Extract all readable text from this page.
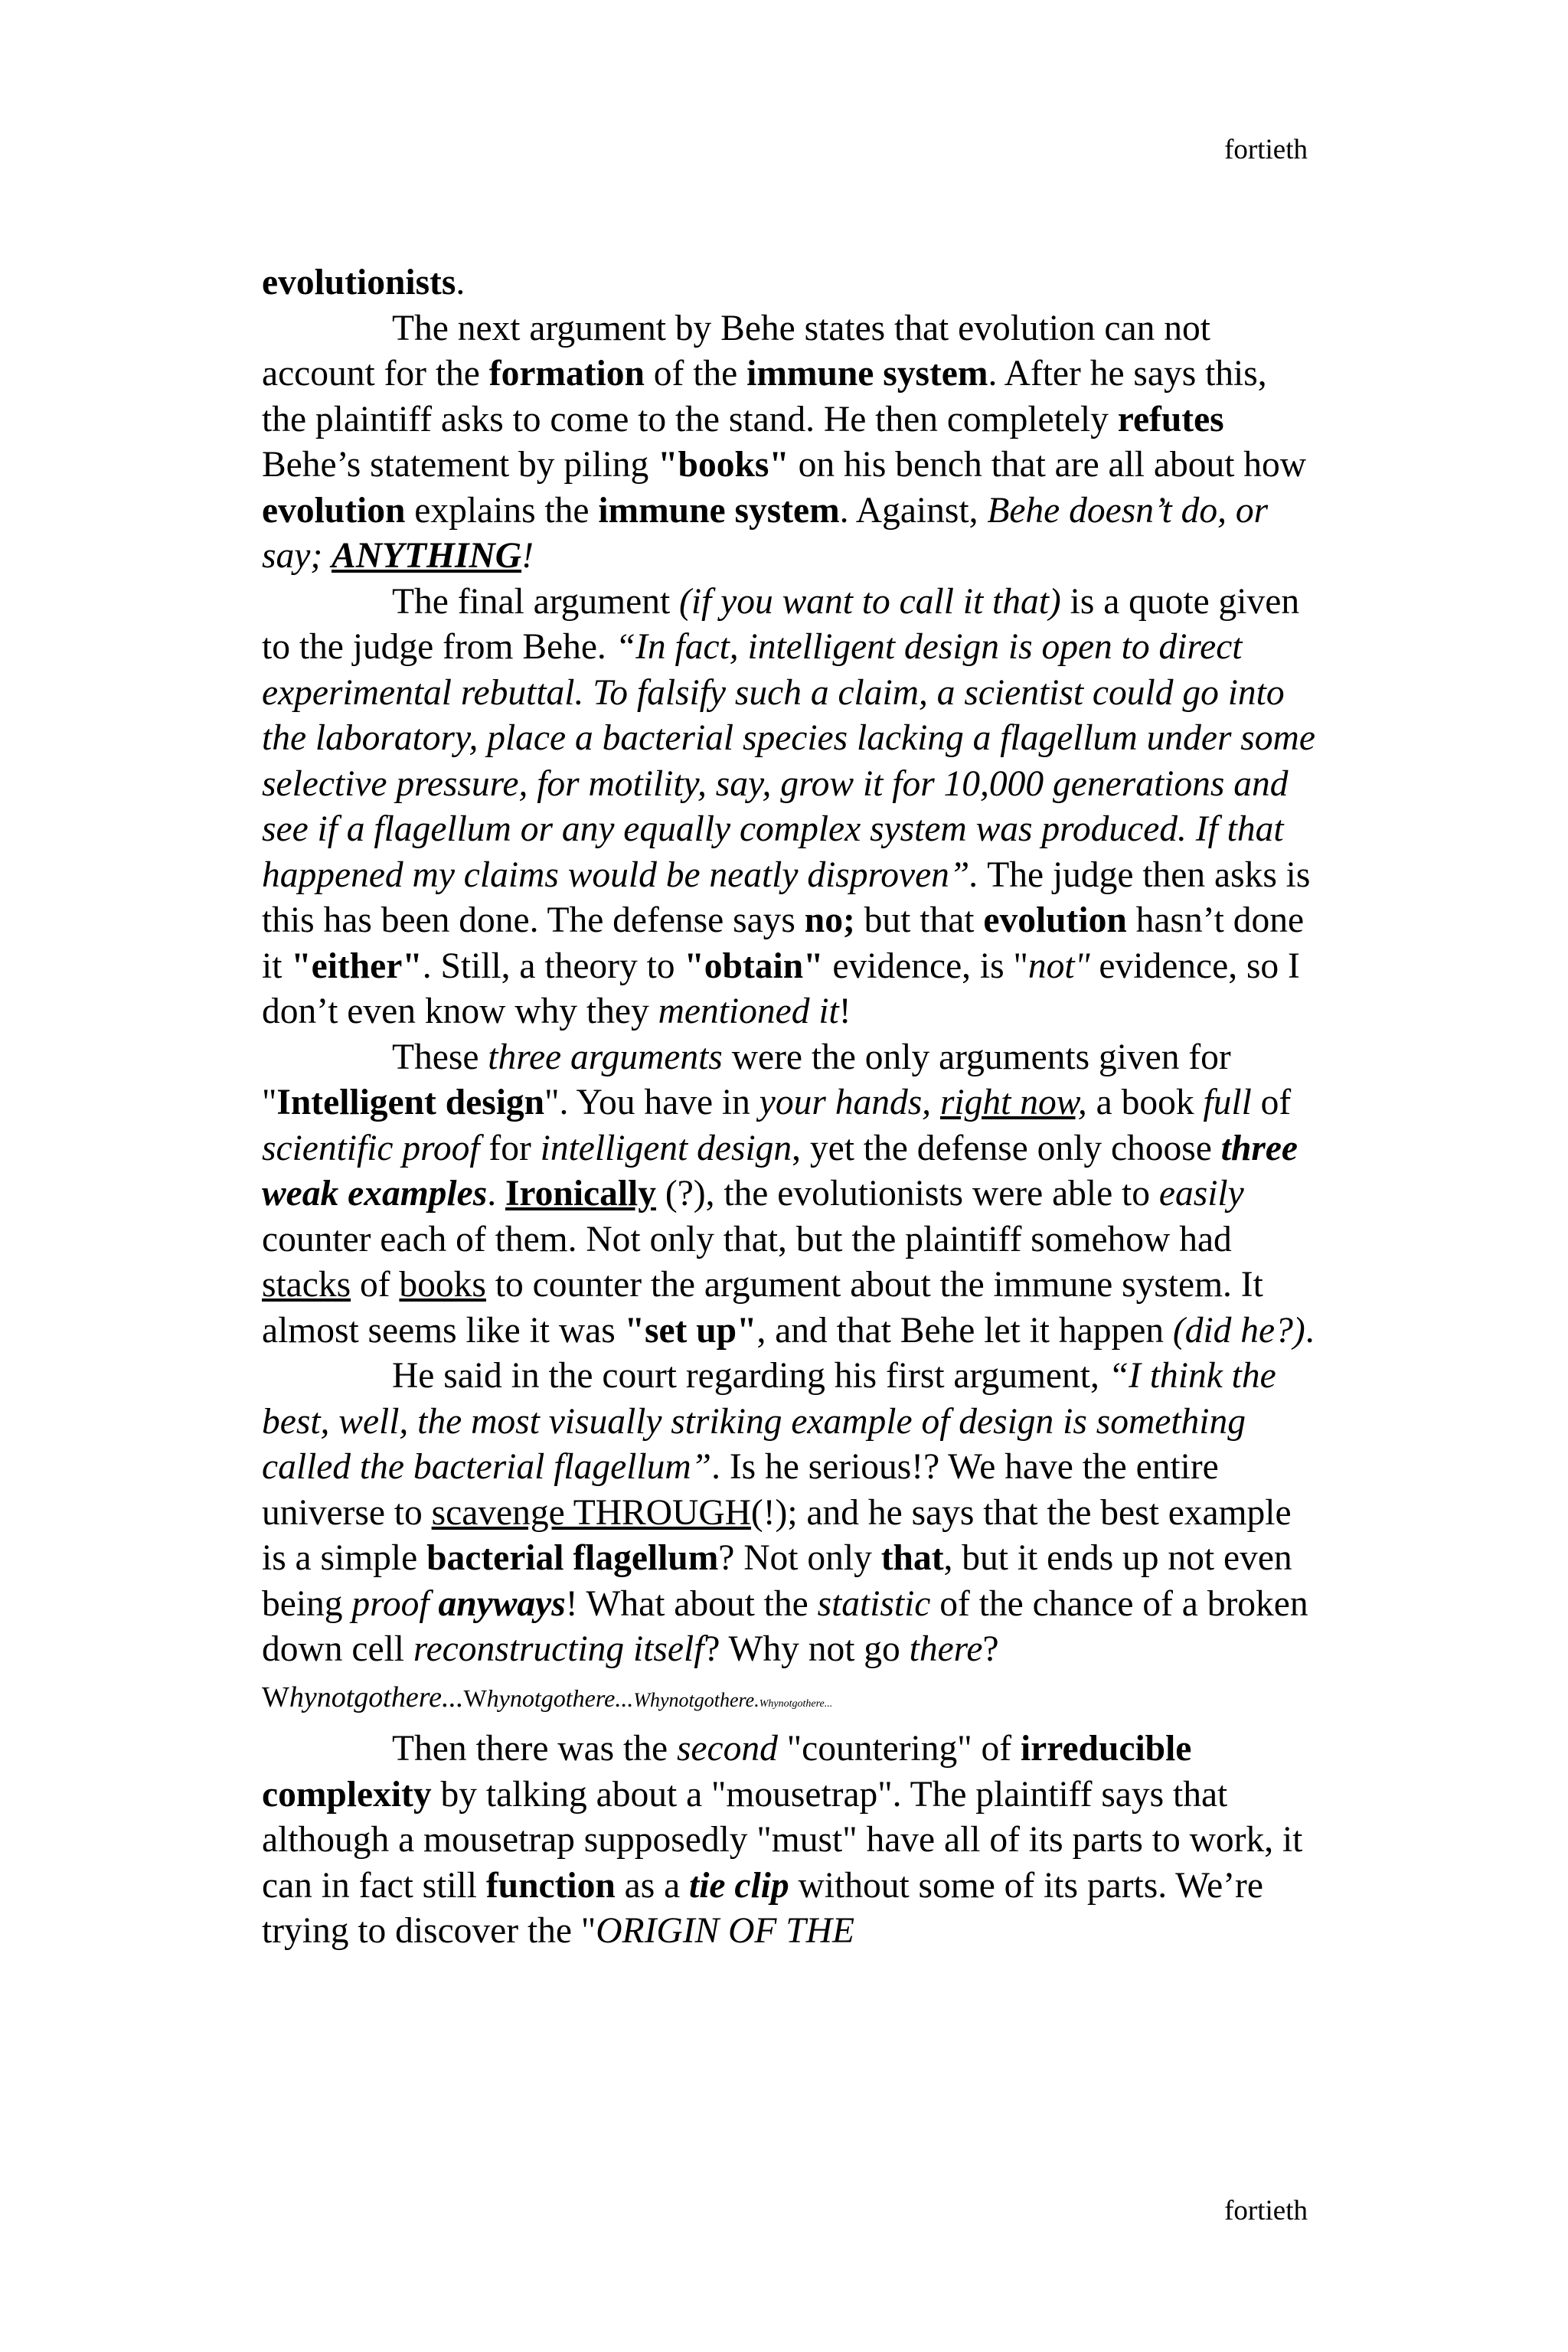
fortieth

evolutionists.

The next argument by Behe states that evolution can not account for the formation of the immune system. After he says this, the plaintiff asks to come to the stand. He then completely refutes Behe’s statement by piling "books" on his bench that are all about how evolution explains the immune system. Against, Behe doesn’t do, or say; ANYTHING!

The final argument (if you want to call it that) is a quote given to the judge from Behe. “In fact, intelligent design is open to direct experimental rebuttal. To falsify such a claim, a scientist could go into the laboratory, place a bacterial species lacking a flagellum under some selective pressure, for motility, say, grow it for 10,000 generations and see if a flagellum or any equally complex system was produced. If that happened my claims would be neatly disproven”. The judge then asks is this has been done. The defense says no; but that evolution hasn’t done it "either". Still, a theory to "obtain" evidence, is "not" evidence, so I don’t even know why they mentioned it!

These three arguments were the only arguments given for "Intelligent design". You have in your hands, right now, a book full of scientific proof for intelligent design, yet the defense only choose three weak examples. Ironically (?), the evolutionists were able to easily counter each of them. Not only that, but the plaintiff somehow had stacks of books to counter the argument about the immune system. It almost seems like it was "set up", and that Behe let it happen (did he?).

He said in the court regarding his first argument, “I think the best, well, the most visually striking example of design is something called the bacterial flagellum”. Is he serious!? We have the entire universe to scavenge THROUGH(!); and he says that the best example is a simple bacterial flagellum? Not only that, but it ends up not even being proof anyways! What about the statistic of the chance of a broken down cell reconstructing itself? Why not go there? Whynotgothere...Whynotgothere...Whynotgothere.Whynotgothere...

Then there was the second "countering" of irreducible complexity by talking about a "mousetrap". The plaintiff says that although a mousetrap supposedly "must" have all of its parts to work, it can in fact still function as a tie clip without some of its parts. We’re trying to discover the "ORIGIN OF THE

fortieth
